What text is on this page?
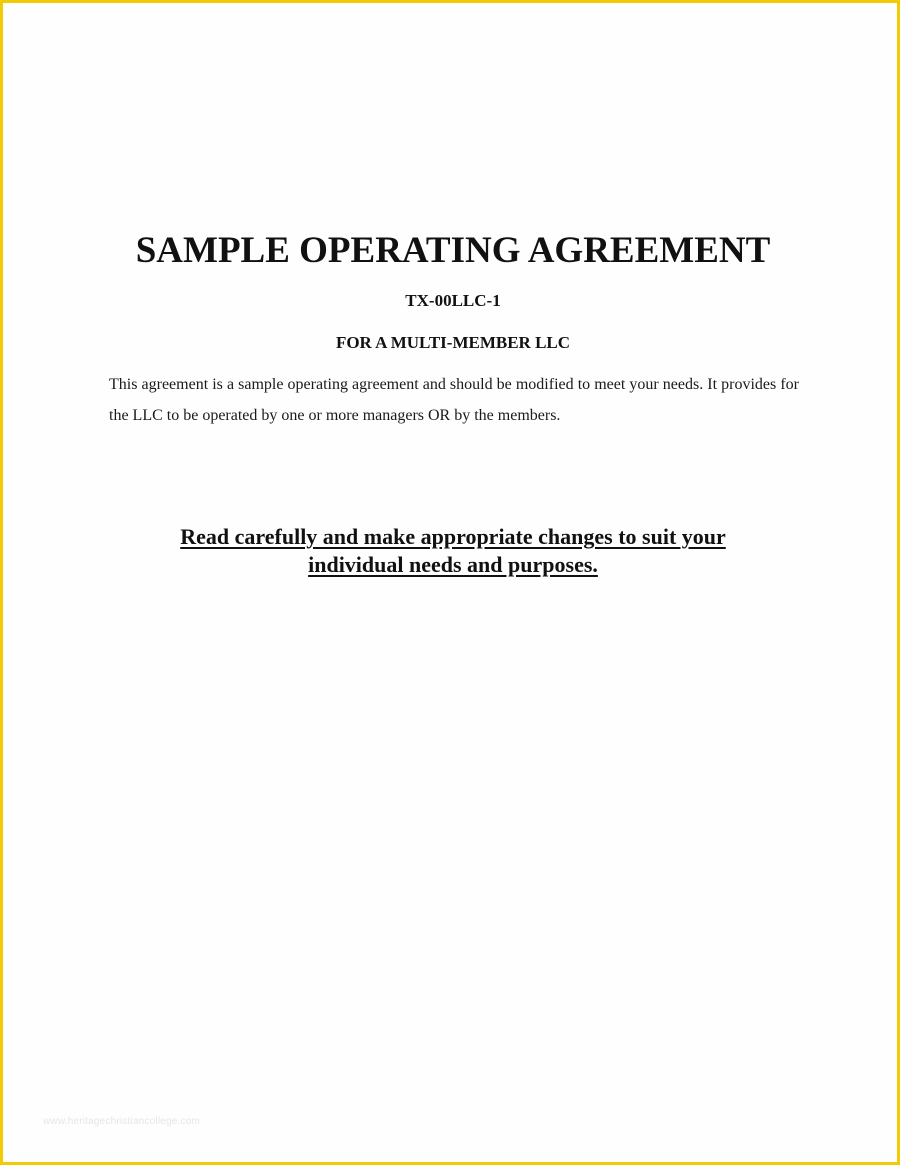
SAMPLE OPERATING AGREEMENT

TX-00LLC-1

FOR A MULTI-MEMBER LLC

This agreement is a sample operating agreement and should be modified to meet your needs. It provides for the LLC to be operated by one or more managers OR by the members.

Read carefully and make appropriate changes to suit your
individual needs and purposes.
www.heritagechristiancollege.com
